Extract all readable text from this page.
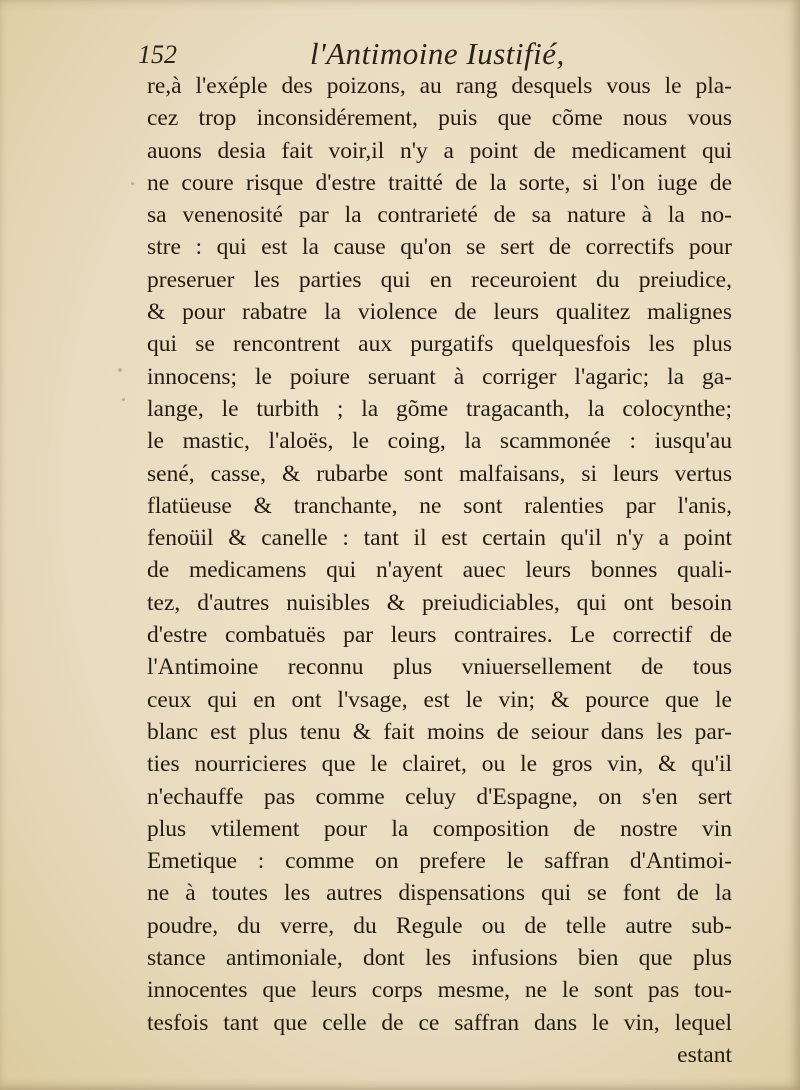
152	l'Antimoine Iustifié,
re,à l'exéple des poizons, au rang desquels vous le pla-
cez trop inconsidérement, puis que cõme nous vous
auons desia fait voir,il n'y a point de medicament qui
ne coure risque d'estre traitté de la sorte, si l'on iuge de
sa venenosité par la contrarieté de sa nature à la no-
stre : qui est la cause qu'on se sert de correctifs pour
preseruer les parties qui en receuroient du preiudice,
& pour rabatre la violence de leurs qualitez malignes
qui se rencontrent aux purgatifs quelquesfois les plus
innocens; le poiure seruant à corriger l'agaric; la ga-
lange, le turbith ; la gõme tragacanth, la colocynthe;
le mastic, l'aloës, le coing, la scammonée : iusqu'au
sené, casse, & rubarbe sont malfaisans, si leurs vertus
flatüeuse & tranchante, ne sont ralenties par l'anis,
fenoüil & canelle : tant il est certain qu'il n'y a point
de medicamens qui n'ayent auec leurs bonnes quali-
tez, d'autres nuisibles & preiudiciables, qui ont besoin
d'estre combatuës par leurs contraires. Le correctif de
l'Antimoine reconnu plus vniuersellement de tous
ceux qui en ont l'vsage, est le vin; & pource que le
blanc est plus tenu & fait moins de seiour dans les par-
ties nourricieres que le clairet, ou le gros vin, & qu'il
n'echauffe pas comme celuy d'Espagne, on s'en sert
plus vtilement pour la composition de nostre vin
Emetique : comme on prefere le saffran d'Antimoi-
ne à toutes les autres dispensations qui se font de la
poudre, du verre, du Regule ou de telle autre sub-
stance antimoniale, dont les infusions bien que plus
innocentes que leurs corps mesme, ne le sont pas tou-
tesfois tant que celle de ce saffran dans le vin, lequel
estant
